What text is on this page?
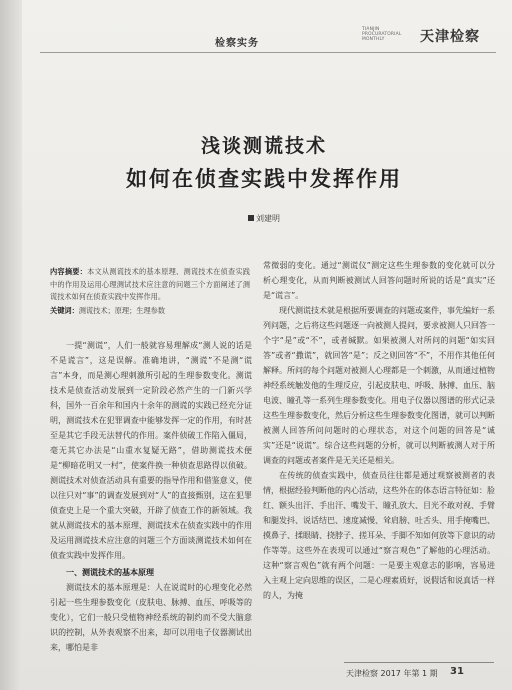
检察实务
TIANJIN
PROCURATORIAL
MONTHLY	天津检察
浅谈测谎技术
如何在侦查实践中发挥作用
刘建明
内容摘要：本文从测谎技术的基本原理、测谎技术在侦查实践中的作用及运用心理测试技术应注意的问题三个方面阐述了测谎技术如何在侦查实践中发挥作用。
关键词：测谎技术；原理；生理参数

一提“测谎”，人们一般就容易理解成“测人说的话是不是谎言”，这是误解。准确地讲，“测谎”不是测“谎言”本身，而是测心理刺激所引起的生理参数变化。测谎技术是侦查活动发展到一定阶段必然产生的一门新兴学科，国外一百余年和国内十余年的测谎的实践已经充分证明，测谎技术在犯罪调查中能够发挥一定的作用，有时甚至是其它手段无法替代的作用。案件侦破工作陷入僵局，毫无其它办法是“山重水复疑无路”，借助测谎技术便是“柳暗花明又一村”，使案件换一种侦查思路得以侦破。测谎技术对侦查活动具有重要的指导作用和借鉴意义，使以往只对“事”的调查发展到对“人”的直接甄别，这在犯罪侦查史上是一个重大突破，开辟了侦查工作的新领域。我就从测谎技术的基本原理、测谎技术在侦查实践中的作用及运用测谎技术应注意的问题三个方面谈测谎技术如何在侦查实践中发挥作用。

一、测谎技术的基本原理

测谎技术的基本原理是：人在说谎时的心理变化必然引起一些生理参数变化（皮肤电、脉搏、血压、呼吸等的变化），它们一般只受植物神经系统的制约而不受大脑意识的控制，从外表观察不出来，却可以用电子仪器测试出来，哪怕是非

常微弱的变化。通过“测谎仪”测定这些生理参数的变化就可以分析心理变化，从而判断被测试人回答问题时所说的话是“真实”还是“谎言”。

现代测谎技术就是根据所要调查的问题或案件，事先编好一系列问题，之后将这些问题逐一向被测人提问，要求被测人只回答一个字“是”或“不”，或者缄默。如果被测人对所问的问题“如实回答”或者“撒谎”，就回答“是”；反之则回答“不”，不用作其他任何解释。所问的每个问题对被测人心理都是一个刺激，从而通过植物神经系统触发他的生理反应，引起皮肤电、呼吸、脉搏、血压、脑电波、瞳孔等一系列生理参数变化。用电子仪器以图谱的形式记录这些生理参数变化，然后分析这些生理参数变化图谱，就可以判断被测人回答所问问题时的心理状态，对这个问题的回答是“诚实”还是“说谎”。综合这些问题的分析，就可以判断被测人对于所调查的问题或者案件是无关还是相关。

在传统的侦查实践中，侦查员往往都是通过观察被测者的表情，根据经验判断他的内心活动，这些外在的体态语言特征如：脸红、额头出汗、手出汗、嘴发干、瞳孔放大、目光不敢对视、手臂和腿发抖、说话结巴、速度减慢、耸肩膀、吐舌头、用手掩嘴巴、摸鼻子、揉眼睛、挠脖子、搓耳朵、手脚不知如何放等下意识的动作等等。这些外在表现可以通过“察言观色”了解他的心理活动。这种“察言观色”就有两个问题：一是要主观意志的影响，容易进入主观上定向思维的误区，二是心理素质好，说假话和说真话一样的人，为掩

天津检察 2017 年第 1 期 31
